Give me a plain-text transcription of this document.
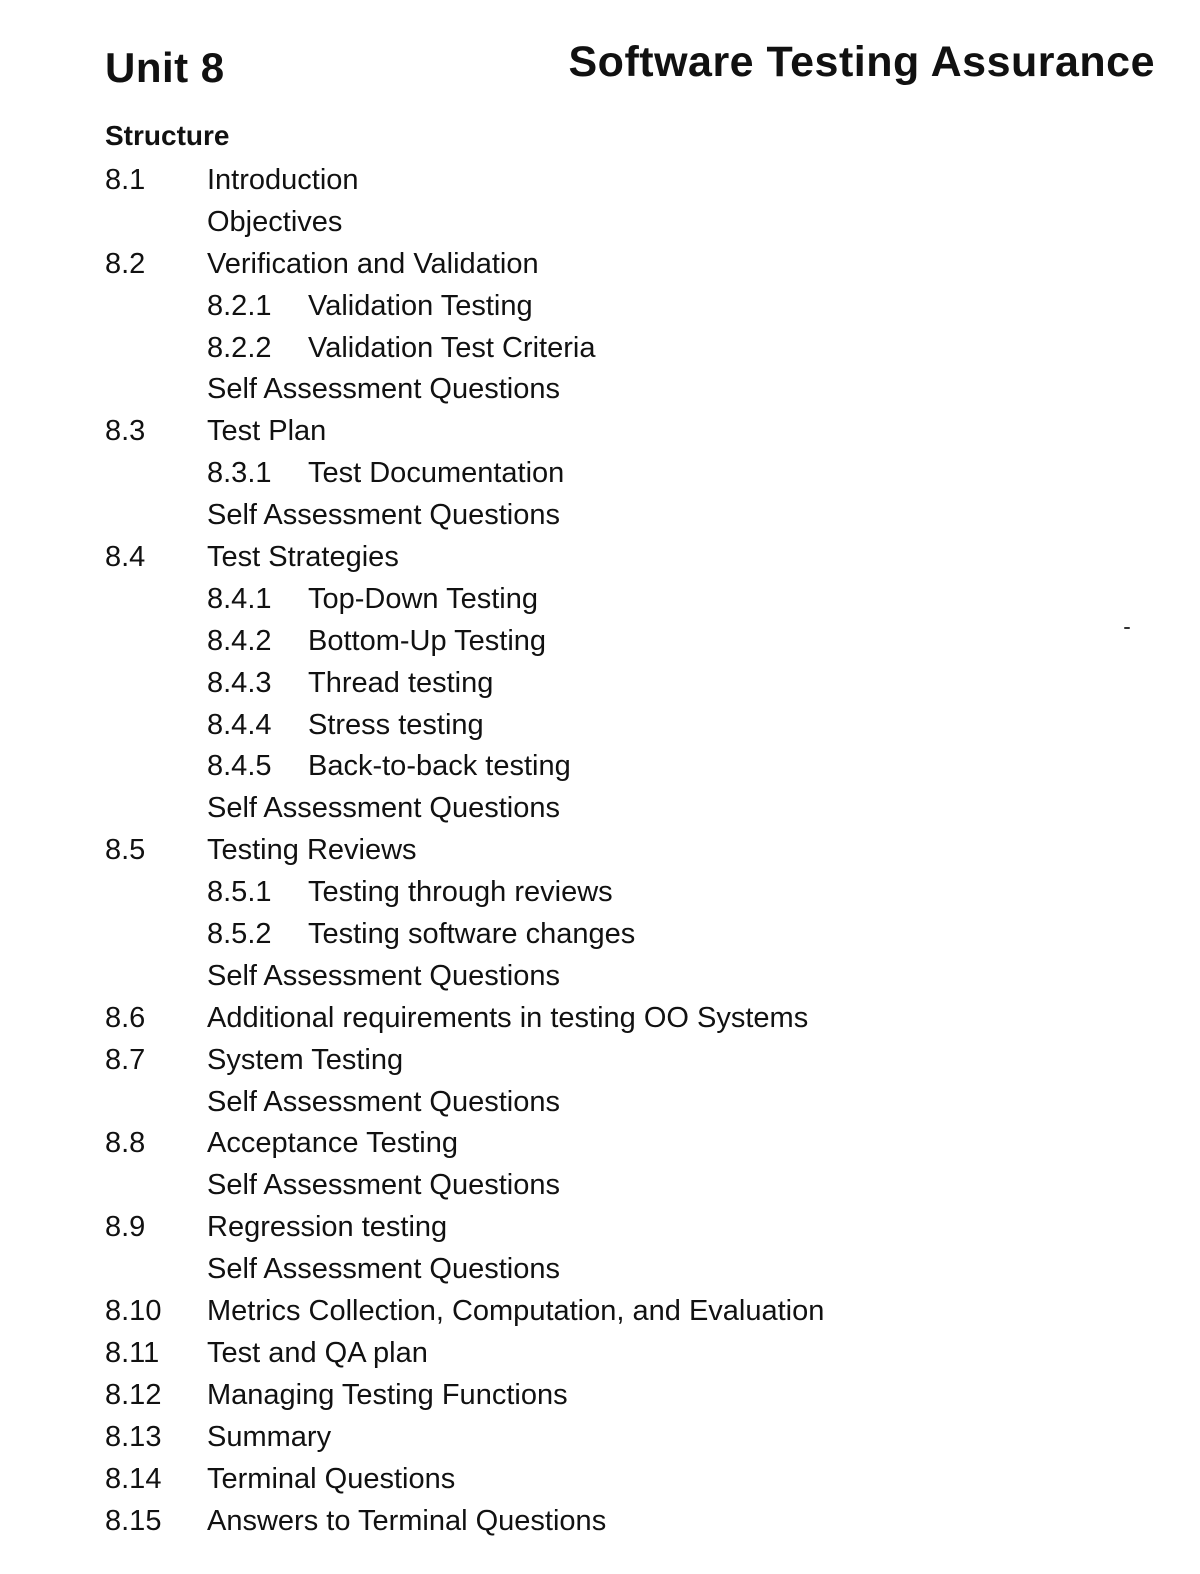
Unit 8	Software Testing Assurance
Structure
8.1 Introduction
Objectives
8.2 Verification and Validation
8.2.1 Validation Testing
8.2.2 Validation Test Criteria
Self Assessment Questions
8.3 Test Plan
8.3.1 Test Documentation
Self Assessment Questions
8.4 Test Strategies
8.4.1 Top-Down Testing
8.4.2 Bottom-Up Testing
8.4.3 Thread testing
8.4.4 Stress testing
8.4.5 Back-to-back testing
Self Assessment Questions
8.5 Testing Reviews
8.5.1 Testing through reviews
8.5.2 Testing software changes
Self Assessment Questions
8.6 Additional requirements in testing OO Systems
8.7 System Testing
Self Assessment Questions
8.8 Acceptance Testing
Self Assessment Questions
8.9 Regression testing
Self Assessment Questions
8.10 Metrics Collection, Computation, and Evaluation
8.11 Test and QA plan
8.12 Managing Testing Functions
8.13 Summary
8.14 Terminal Questions
8.15 Answers to Terminal Questions
